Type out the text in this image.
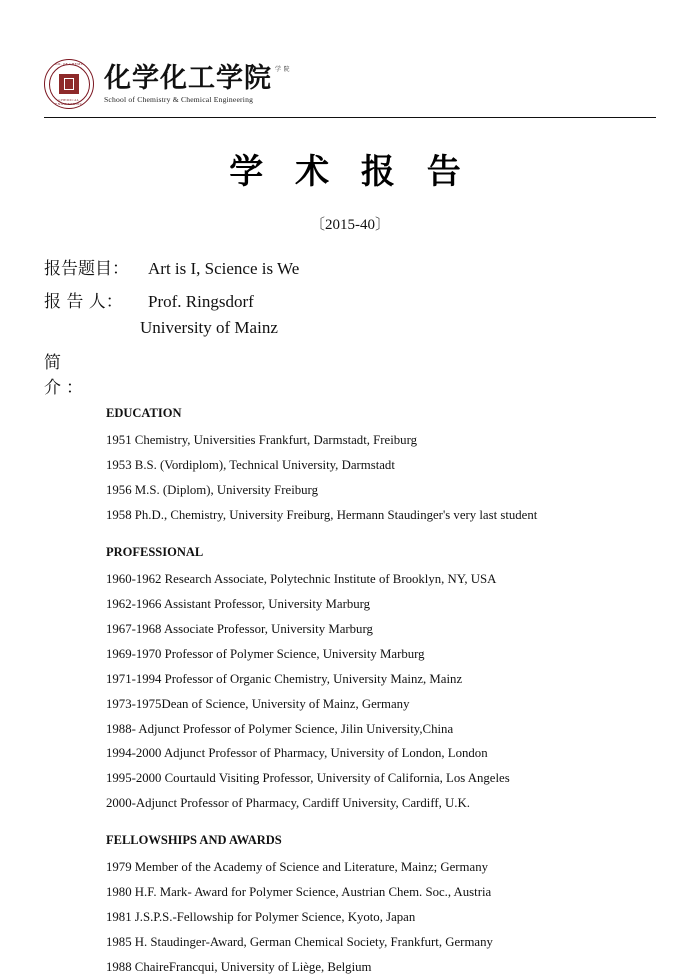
SCHOOL OF CHEMISTRY
CHEMICAL ENGINEERING
化学化工学院 学 院
School of Chemistry & Chemical Engineering
学 术 报 告
〔2015-40〕
报告题目：	Art is I, Science is We
报 告 人：	Prof. Ringsdorf
University of Mainz
简　　介：
EDUCATION
1951 Chemistry, Universities Frankfurt, Darmstadt, Freiburg
1953 B.S. (Vordiplom), Technical University, Darmstadt
1956 M.S. (Diplom), University Freiburg
1958 Ph.D., Chemistry, University Freiburg, Hermann Staudinger's very last student
PROFESSIONAL
1960-1962 Research Associate, Polytechnic Institute of Brooklyn, NY, USA
1962-1966 Assistant Professor, University Marburg
1967-1968 Associate Professor, University Marburg
1969-1970 Professor of Polymer Science, University Marburg
1971-1994 Professor of Organic Chemistry, University Mainz, Mainz
1973-1975Dean of Science, University of Mainz, Germany
1988- Adjunct Professor of Polymer Science, Jilin University,China
1994-2000 Adjunct Professor of Pharmacy, University of London, London
1995-2000 Courtauld Visiting Professor, University of California, Los Angeles
2000-Adjunct Professor of Pharmacy, Cardiff University, Cardiff, U.K.
FELLOWSHIPS AND AWARDS
1979 Member of the Academy of Science and Literature, Mainz; Germany
1980 H.F. Mark- Award for Polymer Science, Austrian Chem. Soc., Austria
1981 J.S.P.S.-Fellowship for Polymer Science, Kyoto, Japan
1985 H. Staudinger-Award, German Chemical Society, Frankfurt, Germany
1988 ChaireFrancqui, University of Liège, Belgium
